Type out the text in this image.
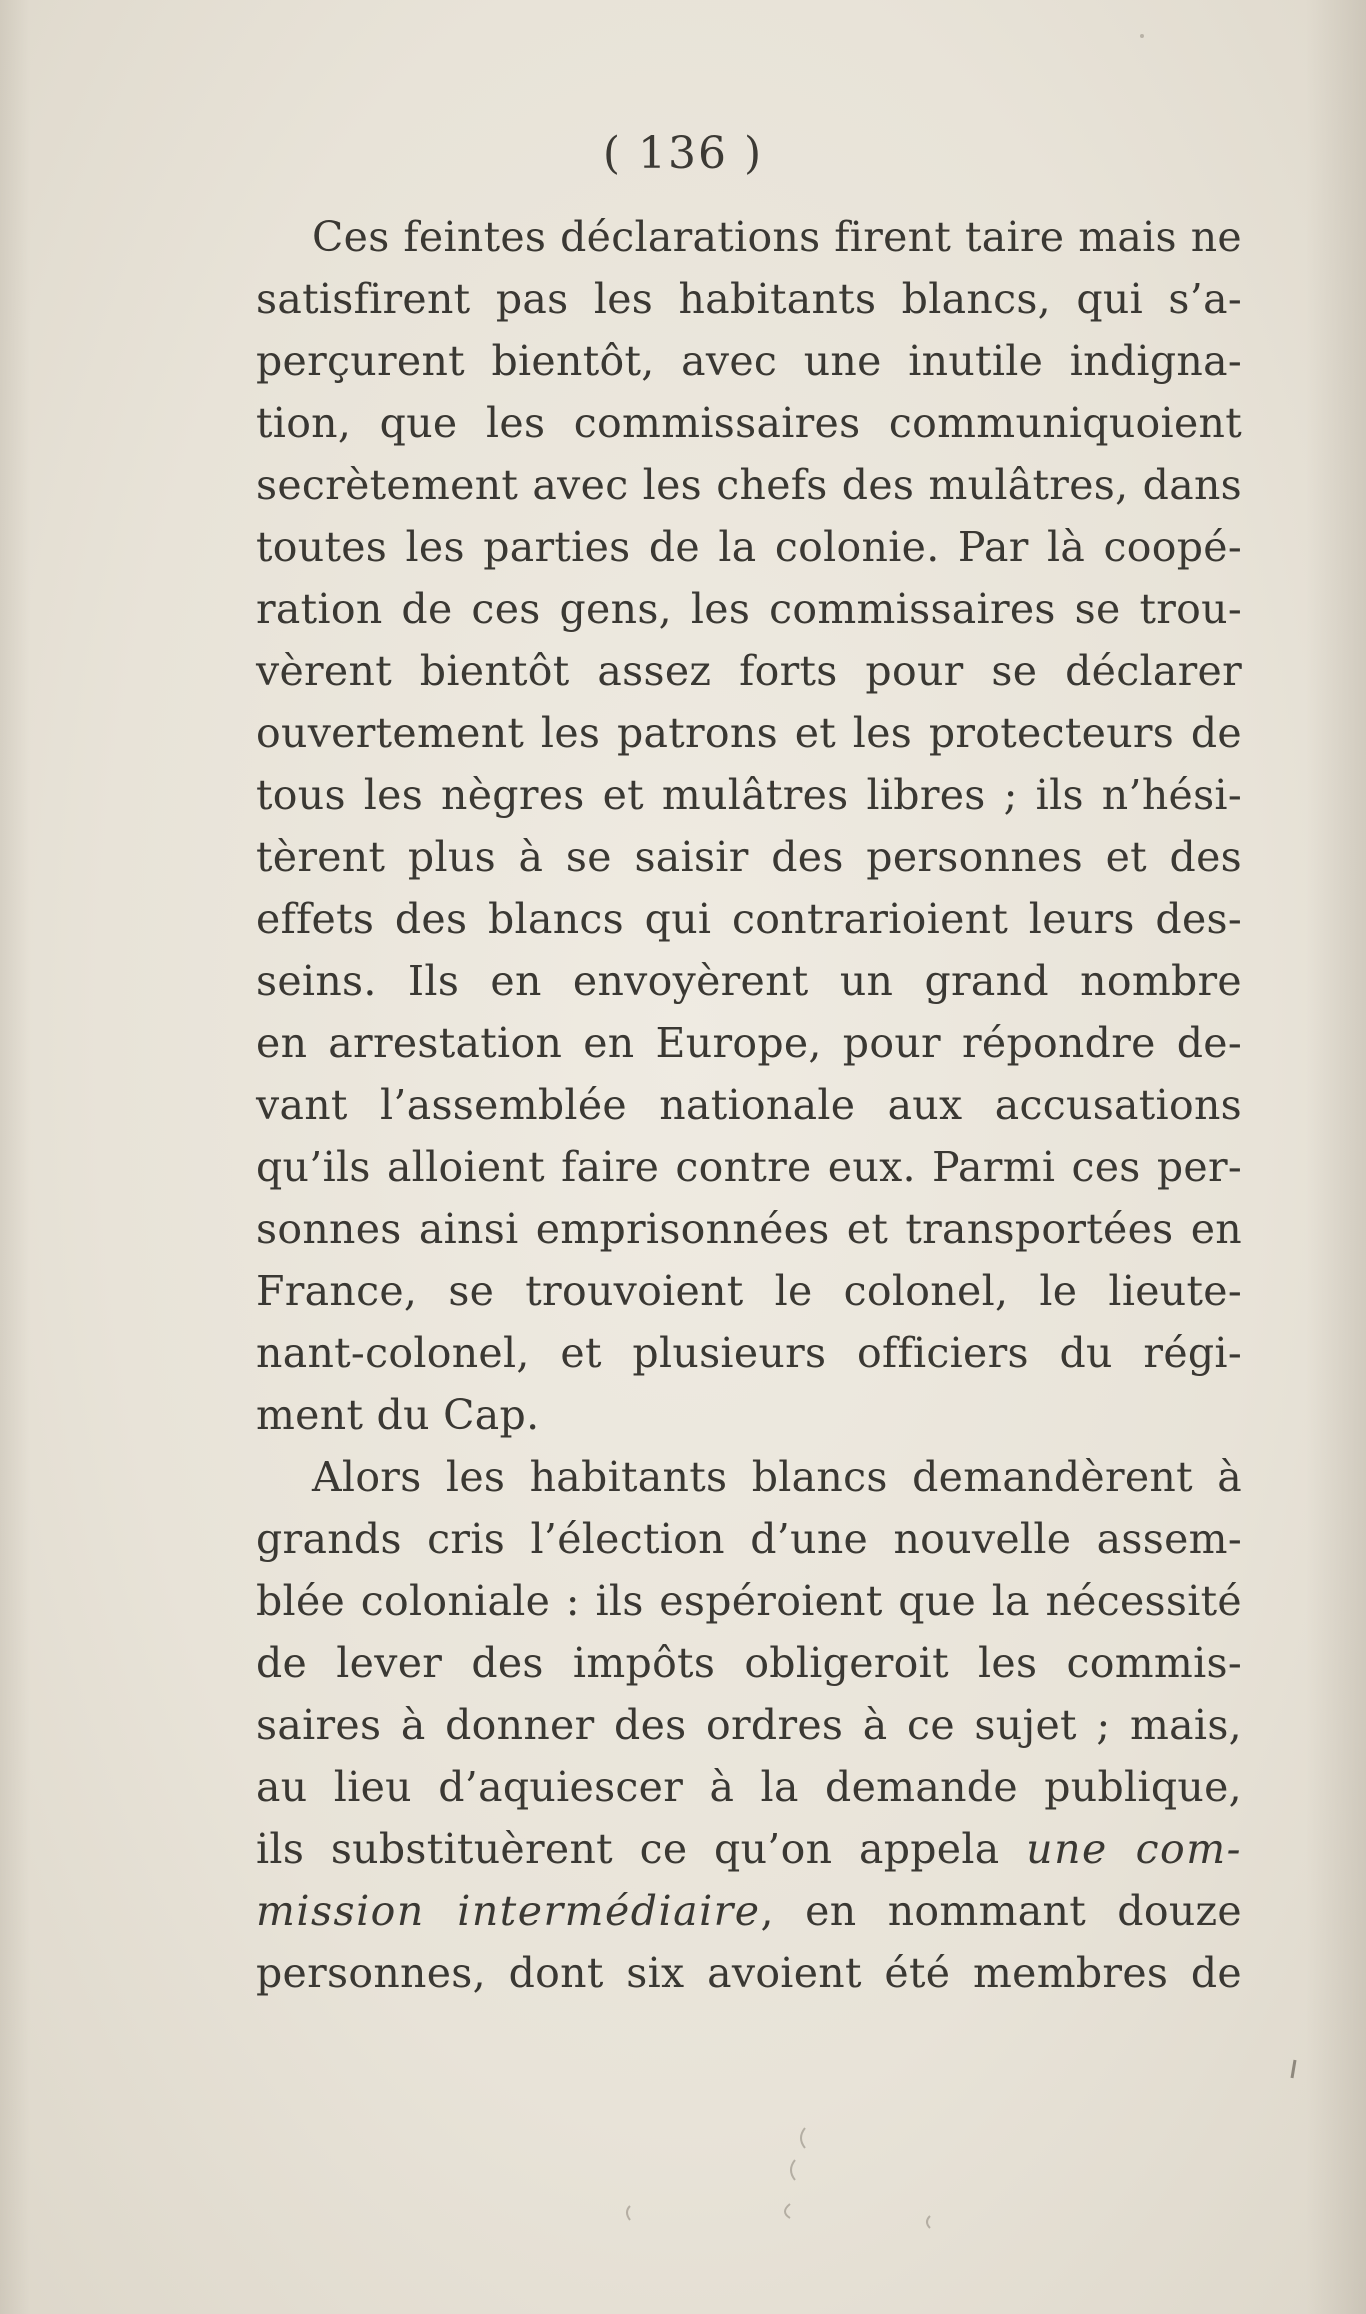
( 136 )
Ces feintes déclarations firent taire mais ne
satisfirent pas les habitants blancs, qui s’a-
perçurent bientôt, avec une inutile indigna-
tion, que les commissaires communiquoient
secrètement avec les chefs des mulâtres, dans
toutes les parties de la colonie. Par là coopé-
ration de ces gens, les commissaires se trou-
vèrent bientôt assez forts pour se déclarer
ouvertement les patrons et les protecteurs de
tous les nègres et mulâtres libres ; ils n’hési-
tèrent plus à se saisir des personnes et des
effets des blancs qui contrarioient leurs des-
seins. Ils en envoyèrent un grand nombre
en arrestation en Europe, pour répondre de-
vant l’assemblée nationale aux accusations
qu’ils alloient faire contre eux. Parmi ces per-
sonnes ainsi emprisonnées et transportées en
France, se trouvoient le colonel, le lieute-
nant-colonel, et plusieurs officiers du régi-
ment du Cap.
Alors les habitants blancs demandèrent à
grands cris l’élection d’une nouvelle assem-
blée coloniale : ils espéroient que la nécessité
de lever des impôts obligeroit les commis-
saires à donner des ordres à ce sujet ; mais,
au lieu d’aquiescer à la demande publique,
ils substituèrent ce qu’on appela une com-
mission intermédiaire, en nommant douze
personnes, dont six avoient été membres de
